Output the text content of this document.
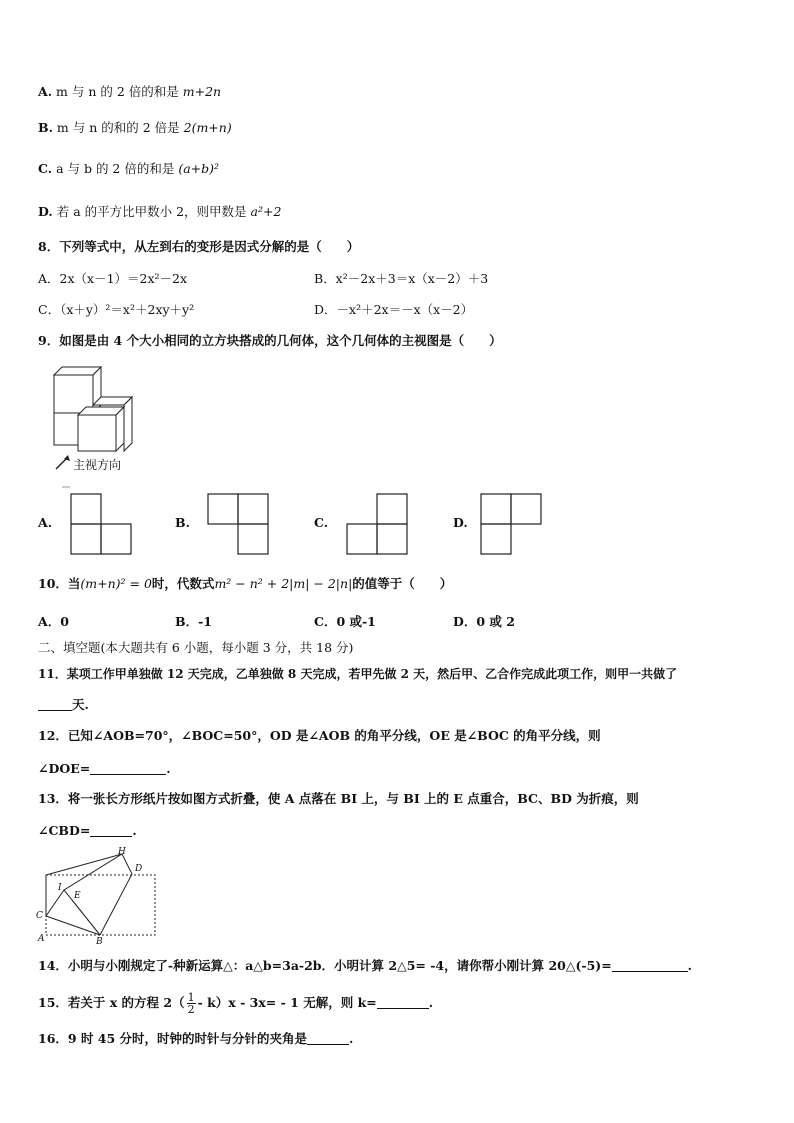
A. m 与 n 的 2 倍的和是 m+2n
B. m 与 n 的和的 2 倍是 2(m+n)
C. a 与 b 的 2 倍的和是 (a+b)²
D. 若 a 的平方比甲数小 2，则甲数是 a²+2
8．下列等式中，从左到右的变形是因式分解的是（　　）
A．2x（x－1）＝2x²－2x	B．x²－2x＋3＝x（x－2）＋3
C．（x＋y）²＝x²＋2xy＋y²	D．－x²＋2x＝－x（x－2）
9．如图是由 4 个大小相同的立方块搭成的几何体，这个几何体的主视图是（　　）
主视方向
A.	B.	C.	D.
10．当(m+n)² = 0时，代数式m² − n² + 2|m| − 2|n|的值等于（　　）
A．0	B．-1	C．0 或-1	D．0 或 2
二、填空题(本大题共有 6 小题，每小题 3 分，共 18 分)
11．某项工作甲单独做 12 天完成，乙单独做 8 天完成，若甲先做 2 天，然后甲、乙合作完成此项工作，则甲一共做了
天.
12．已知∠AOB=70°，∠BOC=50°，OD 是∠AOB 的角平分线，OE 是∠BOC 的角平分线，则
∠DOE=	.
13．将一张长方形纸片按如图方式折叠，使 A 点落在 BI 上，与 BI 上的 E 点重合，BC、BD 为折痕，则
∠CBD=	.
H
D
I
E
C
A	B
14．小明与小刚规定了-种新运算△：a△b=3a-2b．小明计算 2△5= -4，请你帮小刚计算 20△(-5)=	.
15．若关于 x 的方程 $2( \frac{1}{2} - k)x - 3x= - 1$ 无解，则 k=	.
16．9 时 45 分时，时钟的时针与分针的夹角是	.
